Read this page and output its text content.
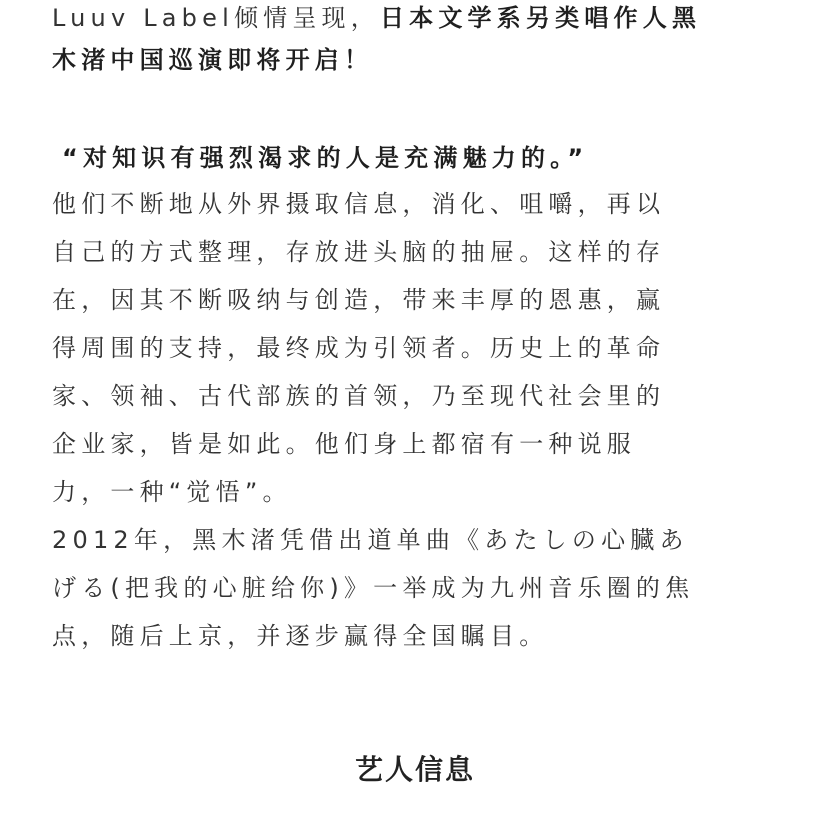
Luuv Label倾情呈现，日本文学系另类唱作人黑
木渚中国巡演即将开启！
“对知识有强烈渴求的人是充满魅力的。”
他们不断地从外界摄取信息，消化、咀嚼，再以
自己的方式整理，存放进头脑的抽屉。这样的存
在，因其不断吸纳与创造，带来丰厚的恩惠，赢
得周围的支持，最终成为引领者。历史上的革命
家、领袖、古代部族的首领，乃至现代社会里的
企业家，皆是如此。他们身上都宿有一种说服
力，一种“觉悟”。
2012年，黑木渚凭借出道单曲《あたしの心臓あ
げる(把我的心脏给你)》一举成为九州音乐圈的焦
点，随后上京，并逐步赢得全国瞩目。
艺人信息
